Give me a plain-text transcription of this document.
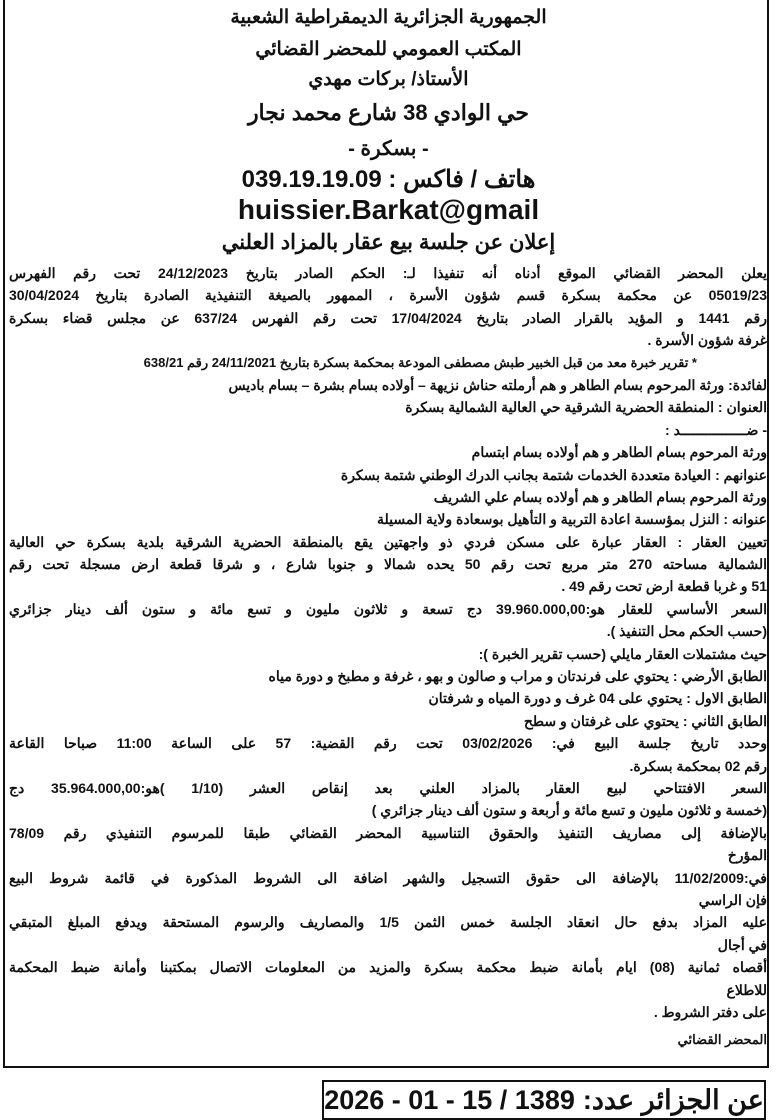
الجمهورية الجزائرية الديمقراطية الشعبية
المكتب العمومي للمحضر القضائي
الأستاذ/ بركات مهدي
حي الوادي 38 شارع محمد نجار
- بسكرة -
هاتف / فاكس : 039.19.19.09
huissier.Barkat@gmail
إعلان عن جلسة بيع عقار بالمزاد العلني
يعلن المحضر القضائي الموقع أدناه أنه تنفيذا لـ: الحكم الصادر بتاريخ 24/12/2023 تحت رقم الفهرس
05019/23 عن محكمة بسكرة قسم شؤون الأسرة ، الممهور بالصيغة التنفيذية الصادرة بتاريخ 30/04/2024
رقم 1441 و المؤيد بالقرار الصادر بتاريخ 17/04/2024 تحت رقم الفهرس 637/24 عن مجلس قضاء بسكرة
غرفة شؤون الأسرة .
* تقرير خبرة معد من قبل الخبير طبش مصطفى المودعة بمحكمة بسكرة بتاريخ 24/11/2021 رقم 638/21
لفائدة: ورثة المرحوم بسام الطاهر و هم أرملته حناش نزيهة – أولاده بسام بشرة – بسام باديس
العنوان : المنطقة الحضرية الشرقية حي العالية الشمالية بسكرة
- ضــــــــــــــــد :
ورثة المرحوم بسام الطاهر و هم أولاده بسام ابتسام
عنوانهم : العيادة متعددة الخدمات شتمة بجانب الدرك الوطني شتمة بسكرة
ورثة المرحوم بسام الطاهر و هم أولاده بسام علي الشريف
عنوانه : النزل بمؤسسة اعادة التربية و التأهيل بوسعادة ولاية المسيلة
تعيين العقار : العقار عبارة على مسكن فردي ذو واجهتين يقع بالمنطقة الحضرية الشرقية بلدية بسكرة حي العالية
الشمالية مساحته 270 متر مربع تحت رقم 50 يحده شمالا و جنوبا شارع ، و شرقا قطعة ارض مسجلة تحت رقم
51 و غربا قطعة ارض تحت رقم 49 .
السعر الأساسي للعقار هو:39.960.000,00 دج تسعة و ثلاثون مليون و تسع مائة و ستون ألف دينار جزائري
(حسب الحكم محل التنفيذ ).
حيث مشتملات العقار مايلي (حسب تقرير الخبرة ):
الطابق الأرضي : يحتوي على فرندتان و مراب و صالون و بهو ، غرفة و مطبخ و دورة مياه
الطابق الاول : يحتوي على 04 غرف و دورة المياه و شرفتان
الطابق الثاني : يحتوي على غرفتان و سطح
وحدد تاريخ جلسة البيع في: 03/02/2026 تحت رقم القضية: 57 على الساعة 11:00 صباحا القاعة
رقم 02 بمحكمة بسكرة.
السعر الافتتاحي لبيع العقار بالمزاد العلني بعد إنقاص العشر (1/10 )هو:35.964.000,00 دج
(خمسة و ثلاثون مليون و تسع مائة و أربعة و ستون ألف دينار جزائري )
بالإضافة إلى مصاريف التنفيذ والحقوق التناسبية المحضر القضائي طبقا للمرسوم التنفيذي رقم 78/09
المؤرخ
في:11/02/2009 بالإضافة الى حقوق التسجيل والشهر اضافة الى الشروط المذكورة في قائمة شروط البيع
فإن الراسي
عليه المزاد بدفع حال انعقاد الجلسة خمس الثمن 1/5 والمصاريف والرسوم المستحقة ويدفع المبلغ المتبقي
في أجال
أقصاه ثمانية (08) ايام بأمانة ضبط محكمة بسكرة والمزيد من المعلومات الاتصال بمكتبنا وأمانة ضبط المحكمة
للاطلاع
على دفتر الشروط .
المحضر القضائي
عن الجزائر عدد:
2026 - 01 - 15 / 1389
